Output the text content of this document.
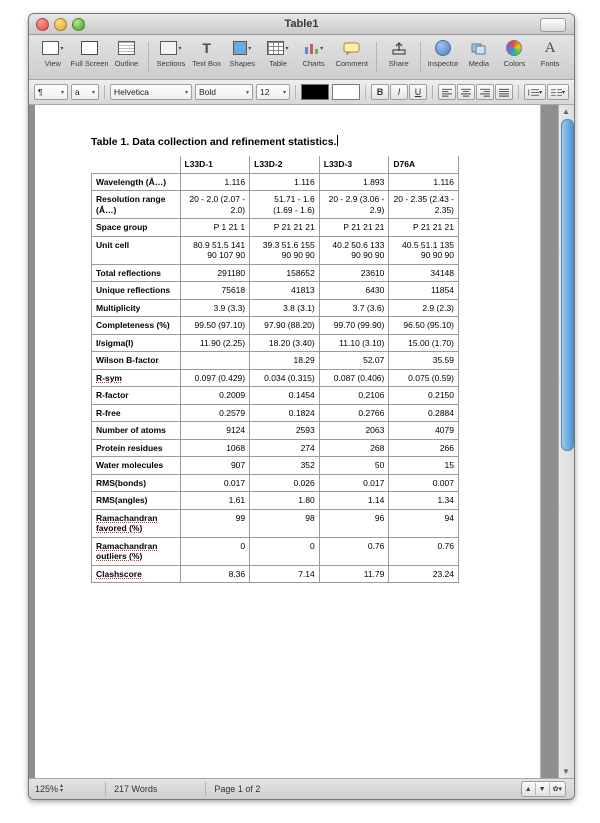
Table1
▾
View Full Screen Outline
▾
Sections
T
Text Box
▾
Shapes
▾
Table
▾
Charts Comment	Share	Inspector Media Colors
A
Fonts
¶	▾ a ▾ Helvetica	▾ Bold	▾ 12 ▾	B	I	U	▾	▾
Table 1. Data collection and refinement statistics.
	L33D-1	L33D-2	L33D-3	D76A
Wavelength (Å…)	1.116	1.116	1.893	1.116
Resolution range (Å…)	20 - 2.0 (2.07 - 2.0)	51.71 - 1.6 (1.69 - 1.6)	20 - 2.9 (3.06 - 2.9)	20 - 2.35 (2.43 - 2.35)
Space group	P 1 21 1	P 21 21 21	P 21 21 21	P 21 21 21
Unit cell	80.9 51.5 141 90 107 90	39.3 51.6 155 90 90 90	40.2 50.6 133 90 90 90	40.5 51.1 135 90 90 90
Total reflections	291180	158652	23610	34148
Unique reflections	75618	41813	6430	11854
Multiplicity	3.9 (3.3)	3.8 (3.1)	3.7 (3.6)	2.9 (2.3)
Completeness (%)	99.50 (97.10)	97.90 (88.20)	99.70 (99.90)	96.50 (95.10)
I/sigma(I)	11.90 (2.25)	18.20 (3.40)	11.10 (3.10)	15.00 (1.70)
Wilson B-factor		18.29	52.07	35.59
R-sym	0.097 (0.429)	0.034 (0.315)	0.087 (0.406)	0.075 (0.59)
R-factor	0.2009	0.1454	0.2106	0.2150
R-free	0.2579	0.1824	0.2766	0.2884
Number of atoms	9124	2593	2063	4079
Protein residues	1068	274	268	266
Water molecules	907	352	50	15
RMS(bonds)	0.017	0.026	0.017	0.007
RMS(angles)	1.61	1.80	1.14	1.34
Ramachandran favored (%)	99	98	96	94
Ramachandran outliers (%)	0	0	0.76	0.76
Clashscore	8.36	7.14	11.79	23.24
▲
▼
125% ▴
▾	217 Words	Page 1 of 2	▲	▼	✿▾
